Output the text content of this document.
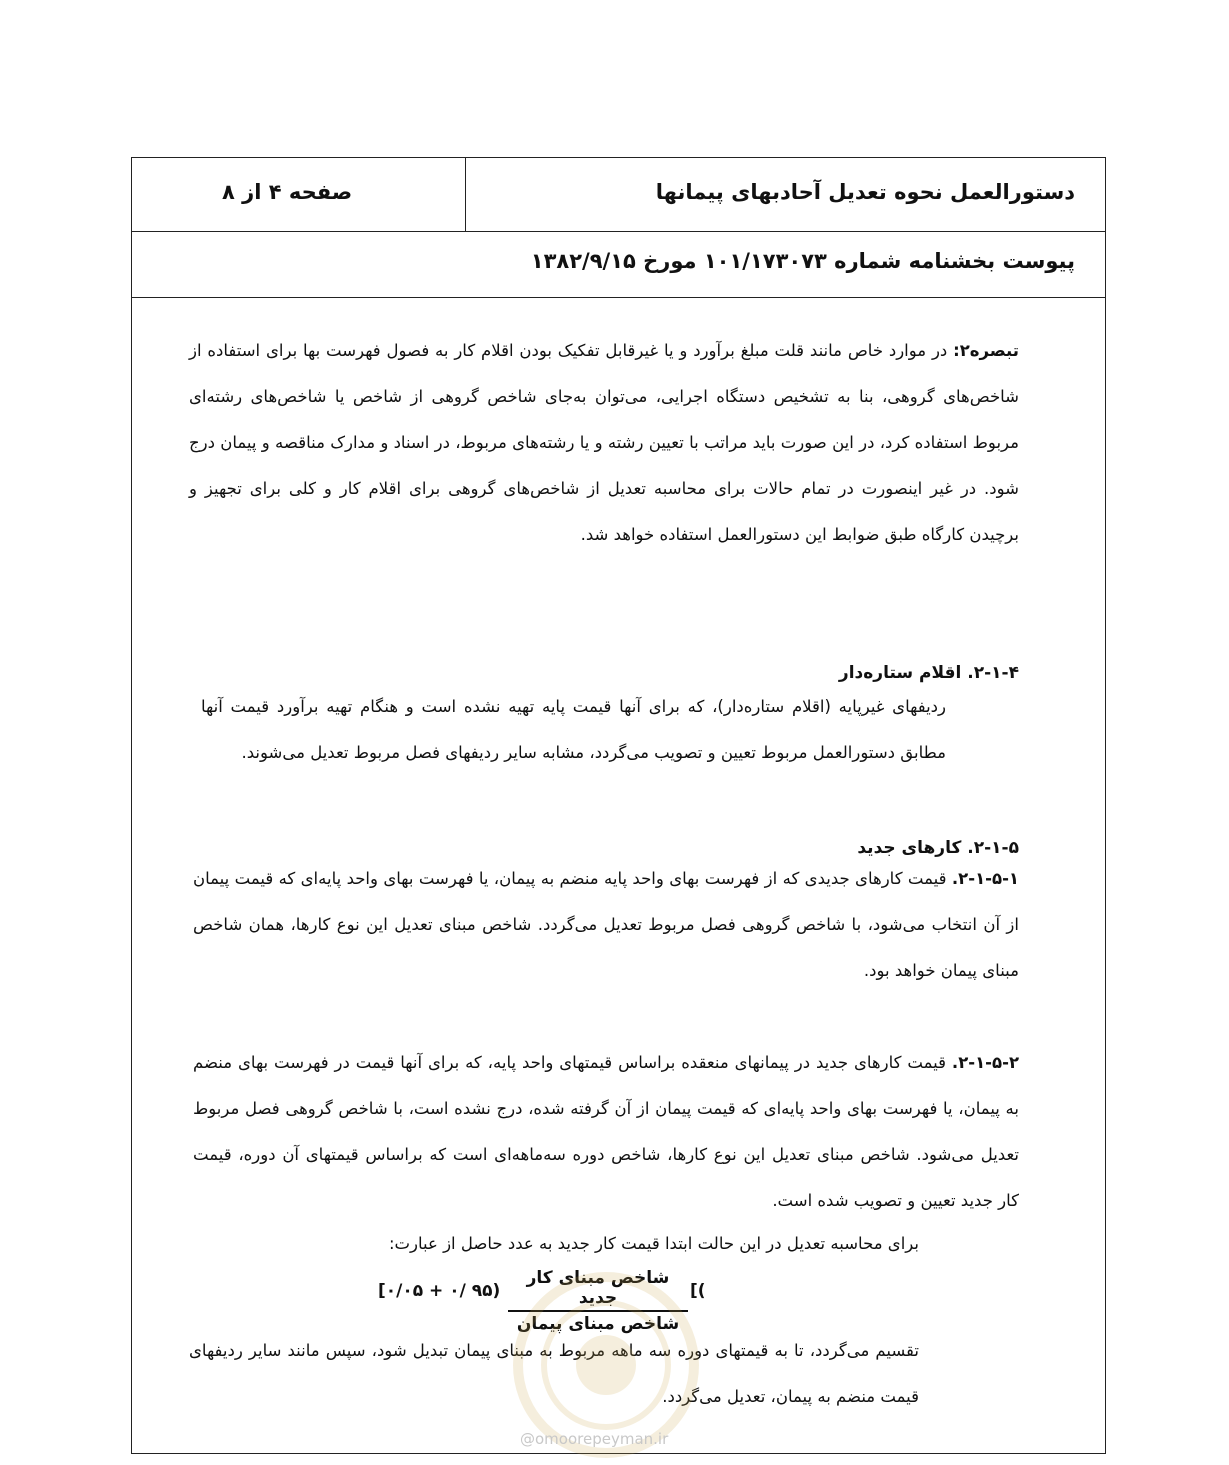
دستورالعمل نحوه تعدیل آحادبهای پیمانها
صفحه ۴ از ۸
پیوست بخشنامه شماره ۱۰۱/۱۷۳۰۷۳ مورخ ۱۳۸۲/۹/۱۵
تبصره۲: در موارد خاص مانند قلت مبلغ برآورد و یا غیرقابل تفکیک بودن اقلام کار به فصول فهرست بها برای استفاده از شاخص‌های گروهی، بنا به تشخیص دستگاه اجرایی، می‌توان به‌جای شاخص گروهی از شاخص یا شاخص‌های رشته‌ای مربوط استفاده کرد، در این صورت باید مراتب با تعیین رشته و یا رشته‌های مربوط، در اسناد و مدارک مناقصه و پیمان درج شود. در غیر اینصورت در تمام حالات برای محاسبه تعدیل از شاخص‌های گروهی برای اقلام کار و کلی برای تجهیز و برچیدن کارگاه طبق ضوابط این دستورالعمل استفاده خواهد شد.
۲-۱-۴. اقلام ستاره‌دار
ردیفهای غیرپایه (اقلام ستاره‌دار)، که برای آنها قیمت پایه تهیه نشده است و هنگام تهیه برآورد قیمت آنها مطابق دستورالعمل مربوط تعیین و تصویب می‌گردد، مشابه سایر ردیفهای فصل مربوط تعدیل می‌شوند.
۲-۱-۵. کارهای جدید
۲-۱-۵-۱. قیمت کارهای جدیدی که از فهرست بهای واحد پایه منضم به پیمان، یا فهرست بهای واحد پایه‌ای که قیمت پیمان از آن انتخاب می‌شود، با شاخص گروهی فصل مربوط تعدیل می‌گردد. شاخص مبنای تعدیل این نوع کارها، همان شاخص مبنای پیمان خواهد بود.
۲-۱-۵-۲. قیمت کارهای جدید در پیمانهای منعقده براساس قیمتهای واحد پایه، که برای آنها قیمت در فهرست بهای منضم به پیمان، یا فهرست بهای واحد پایه‌ای که قیمت پیمان از آن گرفته شده، درج نشده است، با شاخص گروهی فصل مربوط تعدیل می‌شود. شاخص مبنای تعدیل این نوع کارها، شاخص دوره سه‌ماهه‌ای است که براساس قیمتهای آن دوره، قیمت کار جدید تعیین و تصویب شده است.
برای محاسبه تعدیل در این حالت ابتدا قیمت کار جدید به عدد حاصل از عبارت:
شاخص مبنای کار جدید
شاخص مبنای پیمان
[(
[۰/۰۵ + ۰/ ۹۵)
تقسیم می‌گردد، تا به قیمتهای دوره سه ماهه مربوط به مبنای پیمان تبدیل شود، سپس مانند سایر ردیفهای قیمت منضم به پیمان، تعدیل می‌گردد.
@omoorepeyman.ir
